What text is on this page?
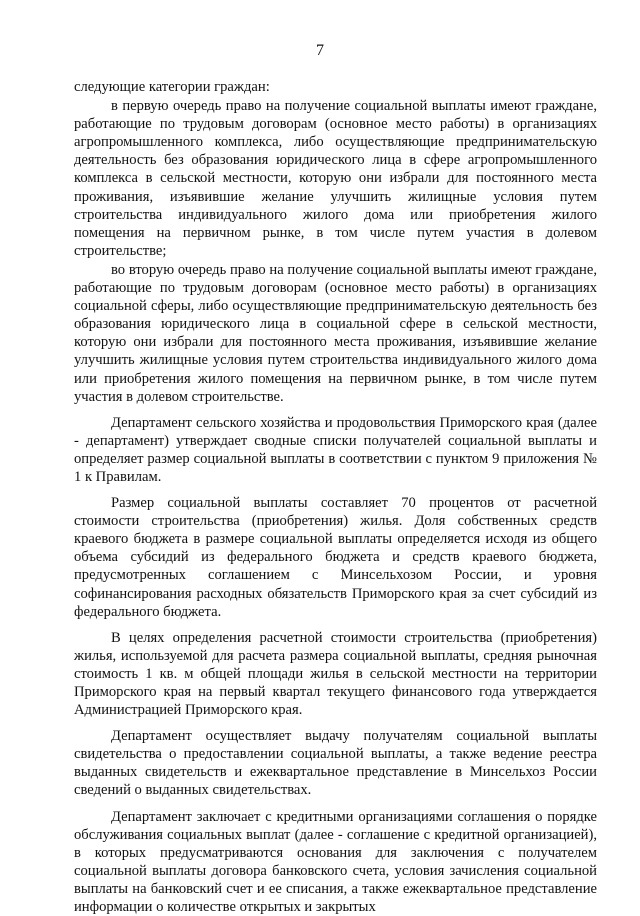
7

следующие категории граждан:

в первую очередь право на получение социальной выплаты имеют граждане, работающие по трудовым договорам (основное место работы) в организациях агропромышленного комплекса, либо осуществляющие предпринимательскую деятельность без образования юридического лица в сфере агропромышленного комплекса в сельской местности, которую они избрали для постоянного места проживания, изъявившие желание улучшить жилищные условия путем строительства индивидуального жилого дома или приобретения жилого помещения на первичном рынке, в том числе путем участия в долевом строительстве;

во вторую очередь право на получение социальной выплаты имеют граждане, работающие по трудовым договорам (основное место работы) в организациях социальной сферы, либо осуществляющие предпринимательскую деятельность без образования юридического лица в социальной сфере в сельской местности, которую они избрали для постоянного места проживания, изъявившие желание улучшить жилищные условия путем строительства индивидуального жилого дома или приобретения жилого помещения на первичном рынке, в том числе путем участия в долевом строительстве.

Департамент сельского хозяйства и продовольствия Приморского края (далее - департамент) утверждает сводные списки получателей социальной выплаты и определяет размер социальной выплаты в соответствии с пунктом 9 приложения № 1 к Правилам.

Размер социальной выплаты составляет 70 процентов от расчетной стоимости строительства (приобретения) жилья. Доля собственных средств краевого бюджета в размере социальной выплаты определяется исходя из общего объема субсидий из федерального бюджета и средств краевого бюджета, предусмотренных соглашением с Минсельхозом России, и уровня софинансирования расходных обязательств Приморского края за счет субсидий из федерального бюджета.

В целях определения расчетной стоимости строительства (приобретения) жилья, используемой для расчета размера социальной выплаты, средняя рыночная стоимость 1 кв. м общей площади жилья в сельской местности на территории Приморского края на первый квартал текущего финансового года утверждается Администрацией Приморского края.

Департамент осуществляет выдачу получателям социальной выплаты свидетельства о предоставлении социальной выплаты, а также ведение реестра выданных свидетельств и ежеквартальное представление в Минсельхоз России сведений о выданных свидетельствах.

Департамент заключает с кредитными организациями соглашения о порядке обслуживания социальных выплат (далее - соглашение с кредитной организацией), в которых предусматриваются основания для заключения с получателем социальной выплаты договора банковского счета, условия зачисления социальной выплаты на банковский счет и ее списания, а также ежеквартальное представление информации о количестве открытых и закрытых
